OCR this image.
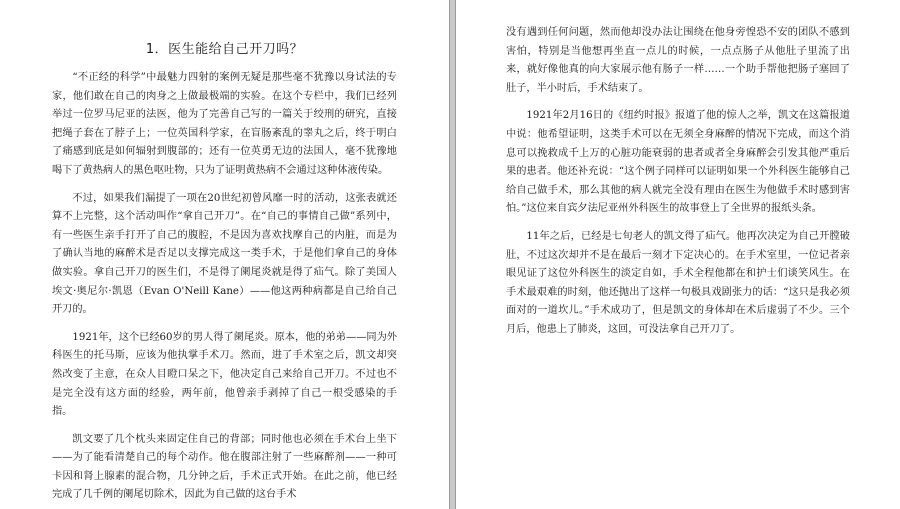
1．医生能给自己开刀吗？

“不正经的科学”中最魅力四射的案例无疑是那些毫不犹豫以身试法的专家，他们敢在自己的肉身之上做最极端的实验。在这个专栏中，我们已经列举过一位罗马尼亚的法医，他为了完善自己写的一篇关于绞刑的研究，直接把绳子套在了脖子上；一位英国科学家，在盲肠紊乱的睾丸之后，终于明白了痛感到底是如何辐射到腹部的；还有一位英勇无边的法国人，毫不犹豫地喝下了黄热病人的黑色呕吐物，只为了证明黄热病不会通过这种体液传染。

不过，如果我们漏提了一项在20世纪初曾风靡一时的活动，这张表就还算不上完整，这个活动叫作“拿自己开刀”。在“自己的事情自己做”系列中，有一些医生亲手打开了自己的腹腔，不是因为喜欢找摩自己的内脏，而是为了确认当地的麻醉术是否足以支撑完成这一类手术，于是他们拿自己的身体做实验。拿自己开刀的医生们，不是得了阑尾炎就是得了疝气。除了美国人埃文·奥尼尔·凯恩（Evan O'Neill Kane）——他这两种病都是自己给自己开刀的。

1921年，这个已经60岁的男人得了阑尾炎。原本，他的弟弟——同为外科医生的托马斯，应该为他执掌手术刀。然而，进了手术室之后，凯文却突然改变了主意，在众人目瞪口呆之下，他决定自己来给自己开刀。不过也不是完全没有这方面的经验，两年前，他曾亲手剥掉了自己一根受感染的手指。

凯文要了几个枕头来固定住自己的背部；同时他也必须在手术台上坐下——为了能看清楚自己的每个动作。他在腹部注射了一些麻醉剂——一种可卡因和肾上腺素的混合物，几分钟之后，手术正式开始。在此之前，他已经完成了几千例的阑尾切除术，因此为自己做的这台手术

没有遇到任何问题，然而他却没办法让围绕在他身旁惶恐不安的团队不感到害怕，特别是当他想再坐直一点儿的时候，一点点肠子从他肚子里流了出来，就好像他真的向大家展示他有肠子一样……一个助手帮他把肠子塞回了肚子，半小时后，手术结束了。

1921年2月16日的《纽约时报》报道了他的惊人之举，凯文在这篇报道中说：他希望证明，这类手术可以在无须全身麻醉的情况下完成，而这个消息可以挽救成千上万的心脏功能衰弱的患者或者全身麻醉会引发其他严重后果的患者。他还补充说：“这个例子同样可以证明如果一个外科医生能够自己给自己做手术，那么其他的病人就完全没有理由在医生为他做手术时感到害怕。”这位来自宾夕法尼亚州外科医生的故事登上了全世界的报纸头条。

11年之后，已经是七旬老人的凯文得了疝气。他再次决定为自己开膛破肚，不过这次却并不是在最后一刻才下定决心的。在手术室里，一位记者亲眼见证了这位外科医生的淡定自如，手术全程他都在和护士们谈笑风生。在手术最艰难的时刻，他还抛出了这样一句极具戏剧张力的话：“这只是我必须面对的一道坎儿。”手术成功了，但是凯文的身体却在术后虚弱了不少。三个月后，他患上了肺炎，这回，可没法拿自己开刀了。
